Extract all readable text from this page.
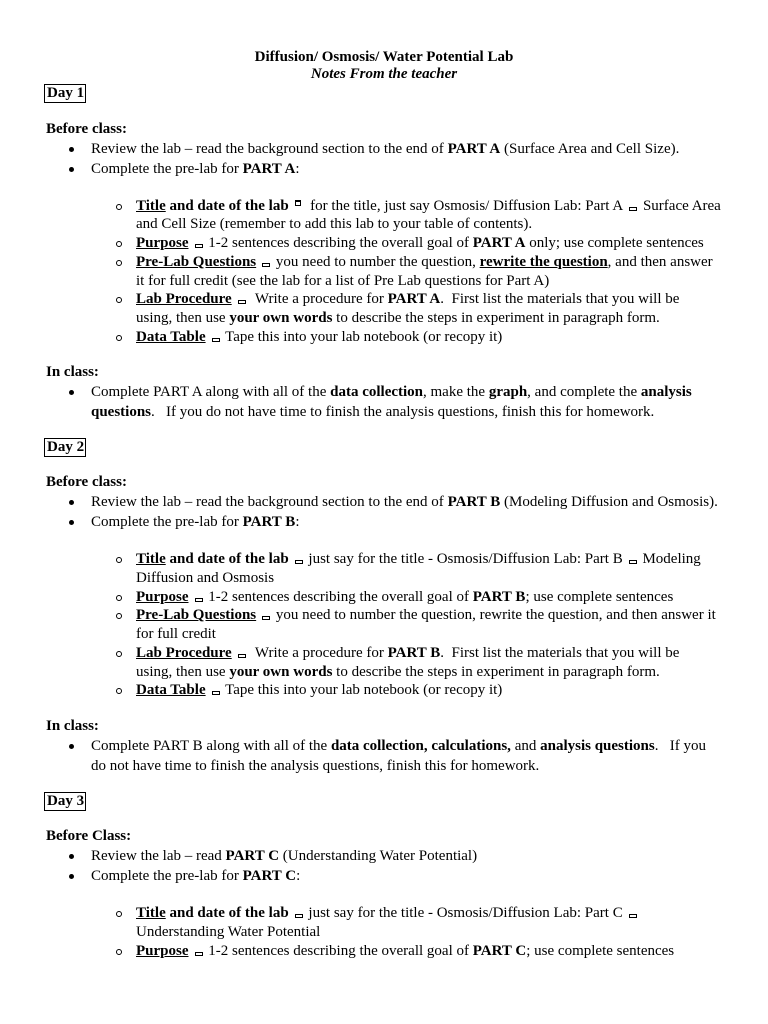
Diffusion/ Osmosis/ Water Potential Lab
Notes From the teacher
Day 1
Before class:
Review the lab – read the background section to the end of PART A (Surface Area and Cell Size).
Complete the pre-lab for PART A:
Title and date of the lab  for the title, just say Osmosis/ Diffusion Lab: Part A Surface Area
and Cell Size (remember to add this lab to your table of contents).
Purpose 1-2 sentences describing the overall goal of PART A only; use complete sentences
Pre-Lab Questions you need to number the question, rewrite the question, and then answer
it for full credit (see the lab for a list of Pre Lab questions for Part A)
Lab Procedure  Write a procedure for PART A.  First list the materials that you will be
using, then use your own words to describe the steps in experiment in paragraph form.
Data Table Tape this into your lab notebook (or recopy it)
In class:
Complete PART A along with all of the data collection, make the graph, and complete the analysis
questions.   If you do not have time to finish the analysis questions, finish this for homework.
Day 2
Before class:
Review the lab – read the background section to the end of PART B (Modeling Diffusion and Osmosis).
Complete the pre-lab for PART B:
Title and date of the lab just say for the title - Osmosis/Diffusion Lab: Part B Modeling
Diffusion and Osmosis
Purpose 1-2 sentences describing the overall goal of PART B; use complete sentences
Pre-Lab Questions you need to number the question, rewrite the question, and then answer it
for full credit
Lab Procedure  Write a procedure for PART B.  First list the materials that you will be
using, then use your own words to describe the steps in experiment in paragraph form.
Data Table Tape this into your lab notebook (or recopy it)
In class:
Complete PART B along with all of the data collection, calculations, and analysis questions.   If you
do not have time to finish the analysis questions, finish this for homework.
Day 3
Before Class:
Review the lab – read PART C (Understanding Water Potential)
Complete the pre-lab for PART C:
Title and date of the lab just say for the title - Osmosis/Diffusion Lab: Part C
Understanding Water Potential
Purpose 1-2 sentences describing the overall goal of PART C; use complete sentences
